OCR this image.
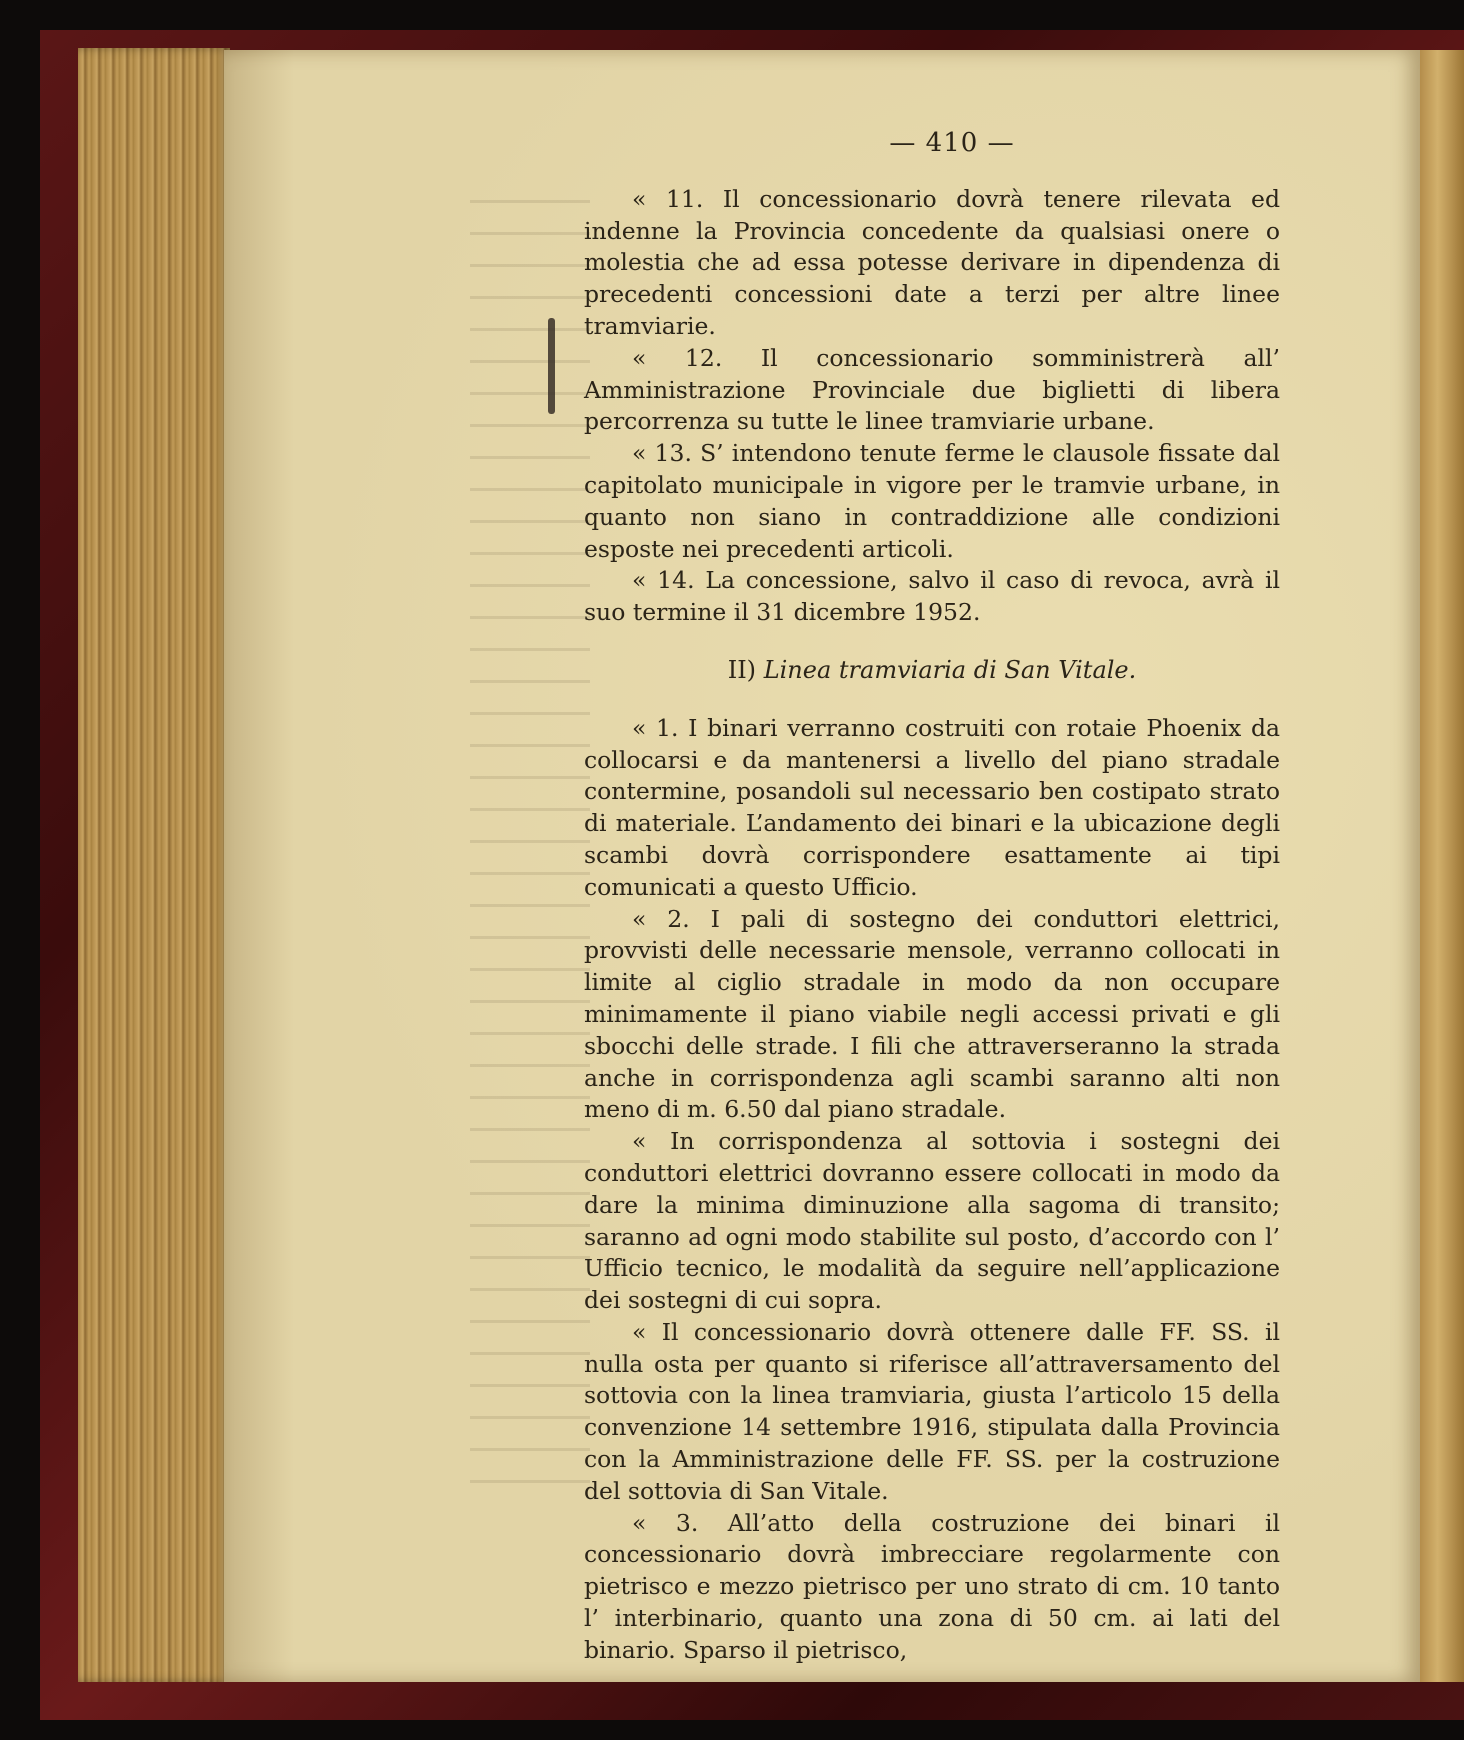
— 410 —

« 11. Il concessionario dovrà tenere rilevata ed indenne la Provincia concedente da qualsiasi onere o molestia che ad essa potesse derivare in dipendenza di precedenti concessioni date a terzi per altre linee tramviarie.

« 12. Il concessionario somministrerà all’ Amministrazione Provinciale due biglietti di libera percorrenza su tutte le linee tramviarie urbane.

« 13. S’ intendono tenute ferme le clausole fissate dal capitolato municipale in vigore per le tramvie urbane, in quanto non siano in contraddizione alle condizioni esposte nei precedenti articoli.

« 14. La concessione, salvo il caso di revoca, avrà il suo termine il 31 dicembre 1952.

II) Linea tramviaria di San Vitale.

« 1. I binari verranno costruiti con rotaie Phoenix da collocarsi e da mantenersi a livello del piano stradale contermine, posandoli sul necessario ben costipato strato di materiale. L’andamento dei binari e la ubicazione degli scambi dovrà corrispondere esattamente ai tipi comunicati a questo Ufficio.

« 2. I pali di sostegno dei conduttori elettrici, provvisti delle necessarie mensole, verranno collocati in limite al ciglio stradale in modo da non occupare minimamente il piano viabile negli accessi privati e gli sbocchi delle strade. I fili che attraverseranno la strada anche in corrispondenza agli scambi saranno alti non meno di m. 6.50 dal piano stradale.

« In corrispondenza al sottovia i sostegni dei conduttori elettrici dovranno essere collocati in modo da dare la minima diminuzione alla sagoma di transito; saranno ad ogni modo stabilite sul posto, d’accordo con l’ Ufficio tecnico, le modalità da seguire nell’applicazione dei sostegni di cui sopra.

« Il concessionario dovrà ottenere dalle FF. SS. il nulla osta per quanto si riferisce all’attraversamento del sottovia con la linea tramviaria, giusta l’articolo 15 della convenzione 14 settembre 1916, stipulata dalla Provincia con la Amministrazione delle FF. SS. per la costruzione del sottovia di San Vitale.

« 3. All’atto della costruzione dei binari il concessionario dovrà imbrecciare regolarmente con pietrisco e mezzo pietrisco per uno strato di cm. 10 tanto l’ interbinario, quanto una zona di 50 cm. ai lati del binario. Sparso il pietrisco,
